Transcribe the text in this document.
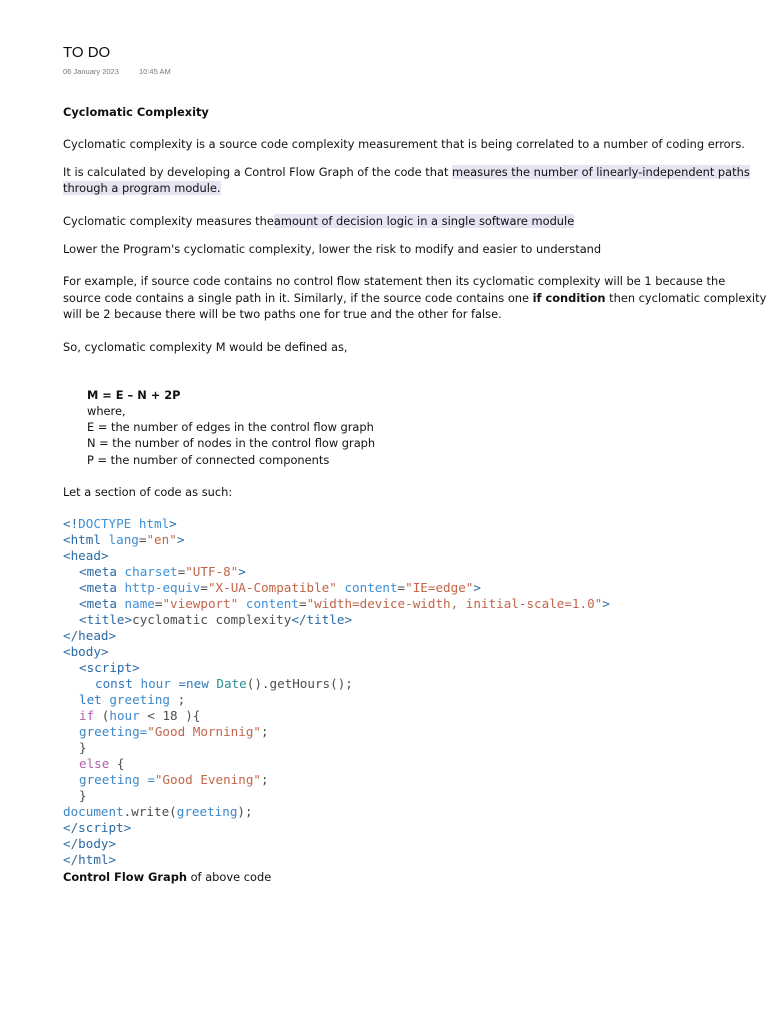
TO DO
06 January 2023	10:45 AM
Cyclomatic Complexity
Cyclomatic complexity is a source code complexity measurement that is being correlated to a number of coding errors.
It is calculated by developing a Control Flow Graph of the code that measures the number of linearly-independent paths
through a program module.
Cyclomatic complexity measures theamount of decision logic in a single software module
Lower the Program's cyclomatic complexity, lower the risk to modify and easier to understand
For example, if source code contains no control flow statement then its cyclomatic complexity will be 1 because the
source code contains a single path in it. Similarly, if the source code contains one if condition then cyclomatic complexity
will be 2 because there will be two paths one for true and the other for false.
So, cyclomatic complexity M would be defined as,
M = E – N + 2P
where,
E = the number of edges in the control flow graph
N = the number of nodes in the control flow graph
P = the number of connected components
Let a section of code as such:
<!DOCTYPE html>
<html lang="en">
<head>
<meta charset="UTF-8">
<meta http-equiv="X-UA-Compatible" content="IE=edge">
<meta name="viewport" content="width=device-width, initial-scale=1.0">
<title>cyclomatic complexity</title>
</head>
<body>
<script>
const hour =new Date().getHours();
let greeting ;
if (hour < 18 ){
greeting="Good Morninig";
}
else {
greeting ="Good Evening";
}
document.write(greeting);
</script>
</body>
</html>
Control Flow Graph of above code
